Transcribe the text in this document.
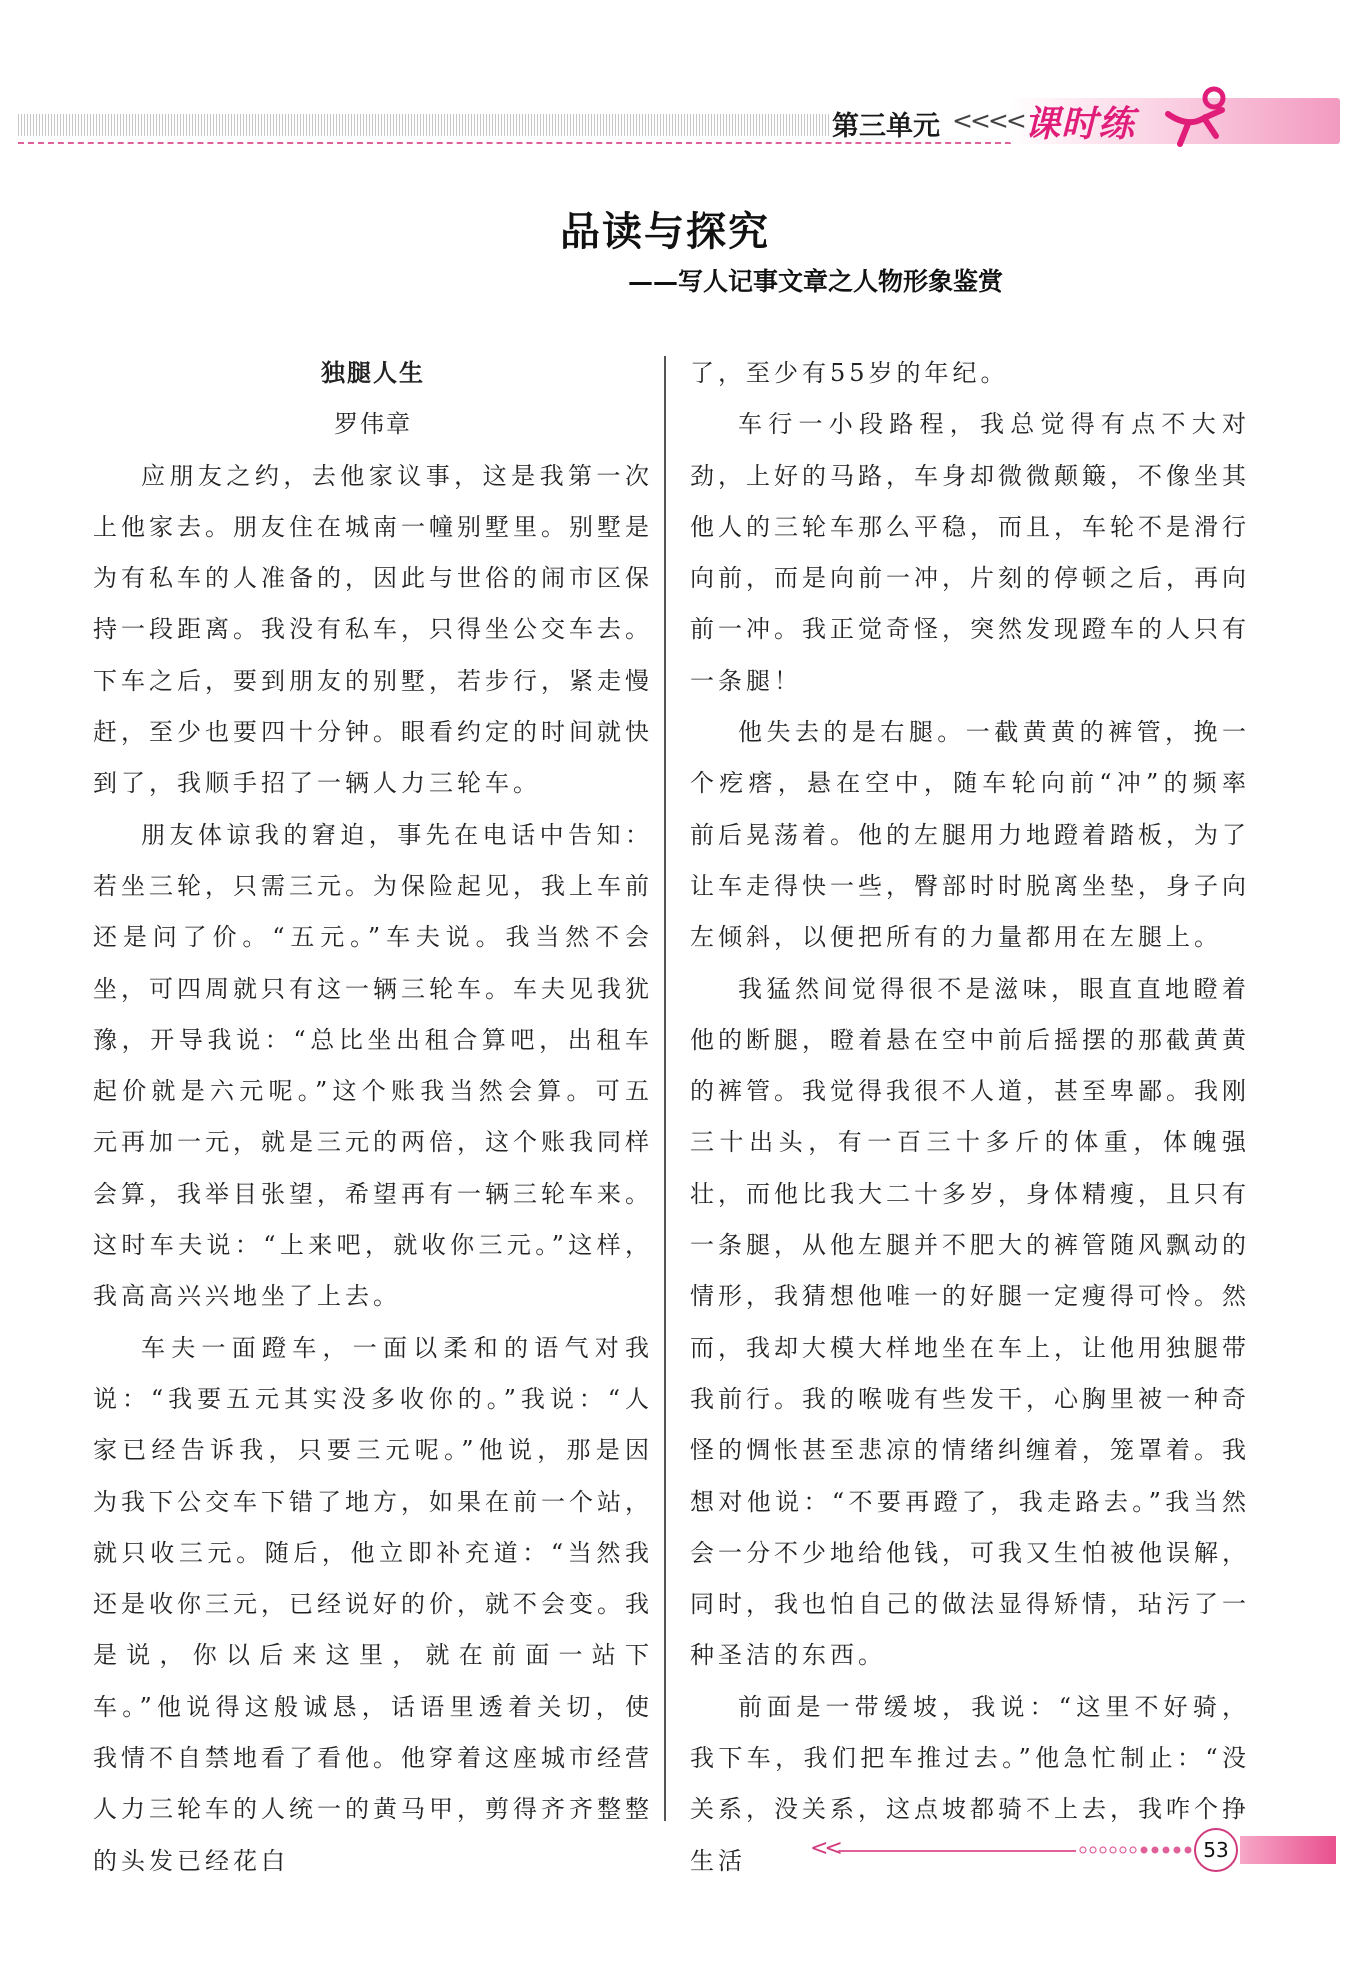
第三单元 <<<< 课时练
品读与探究
——写人记事文章之人物形象鉴赏

独腿人生

罗伟章

应朋友之约，去他家议事，这是我第一次上他家去。朋友住在城南一幢别墅里。别墅是为有私车的人准备的，因此与世俗的闹市区保持一段距离。我没有私车，只得坐公交车去。下车之后，要到朋友的别墅，若步行，紧走慢赶，至少也要四十分钟。眼看约定的时间就快到了，我顺手招了一辆人力三轮车。

朋友体谅我的窘迫，事先在电话中告知：若坐三轮，只需三元。为保险起见，我上车前还是问了价。“五元。”车夫说。我当然不会坐，可四周就只有这一辆三轮车。车夫见我犹豫，开导我说：“总比坐出租合算吧，出租车起价就是六元呢。”这个账我当然会算。可五元再加一元，就是三元的两倍，这个账我同样会算，我举目张望，希望再有一辆三轮车来。这时车夫说：“上来吧，就收你三元。”这样，我高高兴兴地坐了上去。

车夫一面蹬车，一面以柔和的语气对我说：“我要五元其实没多收你的。”我说：“人家已经告诉我，只要三元呢。”他说，那是因为我下公交车下错了地方，如果在前一个站，就只收三元。随后，他立即补充道：“当然我还是收你三元，已经说好的价，就不会变。我是说，你以后来这里，就在前面一站下车。”他说得这般诚恳，话语里透着关切，使我情不自禁地看了看他。他穿着这座城市经营人力三轮车的人统一的黄马甲，剪得齐齐整整的头发已经花白

了，至少有55岁的年纪。

车行一小段路程，我总觉得有点不大对劲，上好的马路，车身却微微颠簸，不像坐其他人的三轮车那么平稳，而且，车轮不是滑行向前，而是向前一冲，片刻的停顿之后，再向前一冲。我正觉奇怪，突然发现蹬车的人只有一条腿！

他失去的是右腿。一截黄黄的裤管，挽一个疙瘩，悬在空中，随车轮向前“冲”的频率前后晃荡着。他的左腿用力地蹬着踏板，为了让车走得快一些，臀部时时脱离坐垫，身子向左倾斜，以便把所有的力量都用在左腿上。

我猛然间觉得很不是滋味，眼直直地瞪着他的断腿，瞪着悬在空中前后摇摆的那截黄黄的裤管。我觉得我很不人道，甚至卑鄙。我刚三十出头，有一百三十多斤的体重，体魄强壮，而他比我大二十多岁，身体精瘦，且只有一条腿，从他左腿并不肥大的裤管随风飘动的情形，我猜想他唯一的好腿一定瘦得可怜。然而，我却大模大样地坐在车上，让他用独腿带我前行。我的喉咙有些发干，心胸里被一种奇怪的惆怅甚至悲凉的情绪纠缠着，笼罩着。我想对他说：“不要再蹬了，我走路去。”我当然会一分不少地给他钱，可我又生怕被他误解，同时，我也怕自己的做法显得矫情，玷污了一种圣洁的东西。

前面是一带缓坡，我说：“这里不好骑，我下车，我们把车推过去。”他急忙制止：“没关系，没关系，这点坡都骑不上去，我咋个挣生活	<<	53
